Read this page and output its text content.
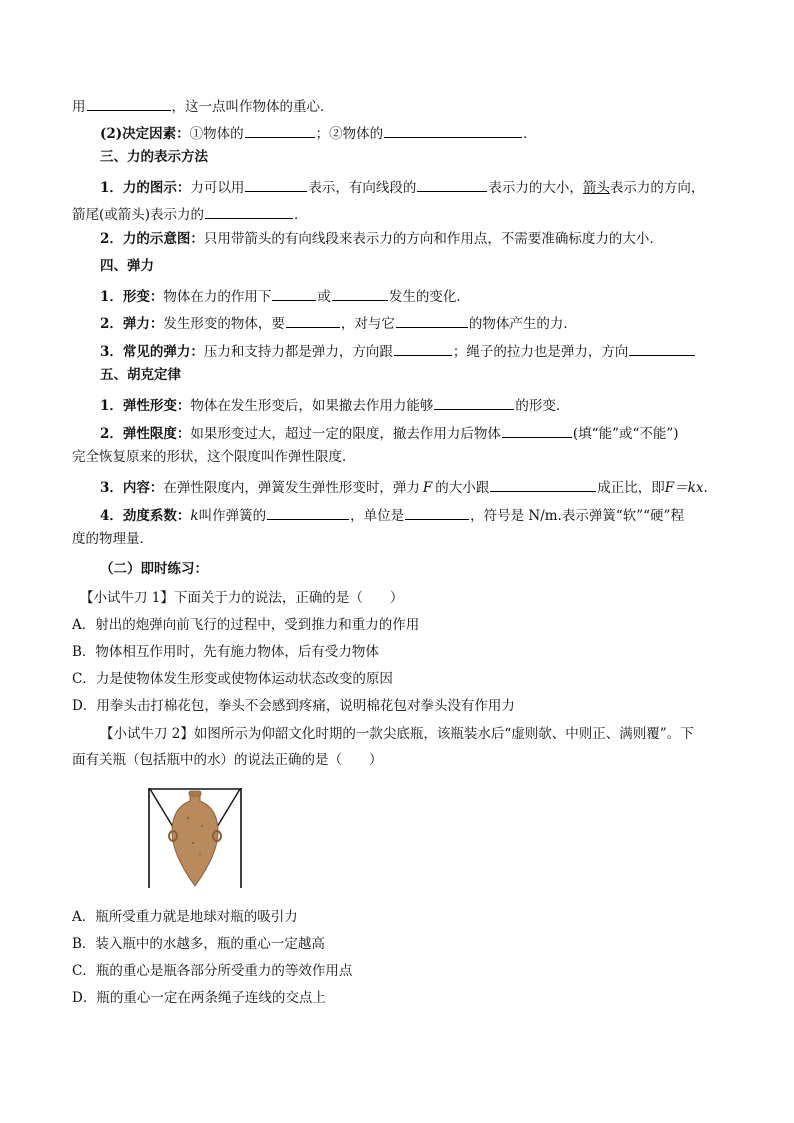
用	，这一点叫作物体的重心．
(2)决定因素：①物体的	；②物体的	．
三、力的表示方法
1．力的图示：力可以用	表示，有向线段的	表示力的大小，箭头表示力的方向，
箭尾(或箭头)表示力的	．
2．力的示意图：只用带箭头的有向线段来表示力的方向和作用点，不需要准确标度力的大小．
四、弹力
1．形变：物体在力的作用下	或	发生的变化．
2．弹力：发生形变的物体，要	，对与它	的物体产生的力．
3．常见的弹力：压力和支持力都是弹力，方向跟	；绳子的拉力也是弹力，方向
五、胡克定律
1．弹性形变：物体在发生形变后，如果撤去作用力能够	的形变．
2．弹性限度：如果形变过大，超过一定的限度，撤去作用力后物体	(填“能”或“不能”)
完全恢复原来的形状，这个限度叫作弹性限度．
3．内容：在弹性限度内，弹簧发生弹性形变时，弹力 F 的大小跟	成正比，即F＝kx.
4．劲度系数：k叫作弹簧的	，单位是	，符号是 N/m.表示弹簧“软”“硬”程
度的物理量．
（二）即时练习：
【小试牛刀 1】下面关于力的说法，正确的是（　　）
A．射出的炮弹向前飞行的过程中，受到推力和重力的作用
B．物体相互作用时，先有施力物体，后有受力物体
C．力是使物体发生形变或使物体运动状态改变的原因
D．用拳头击打棉花包，拳头不会感到疼痛，说明棉花包对拳头没有作用力
【小试牛刀 2】如图所示为仰韶文化时期的一款尖底瓶，该瓶装水后“虚则欹、中则正、满则覆”。下
面有关瓶（包括瓶中的水）的说法正确的是（　　）
A．瓶所受重力就是地球对瓶的吸引力
B．装入瓶中的水越多，瓶的重心一定越高
C．瓶的重心是瓶各部分所受重力的等效作用点
D．瓶的重心一定在两条绳子连线的交点上
